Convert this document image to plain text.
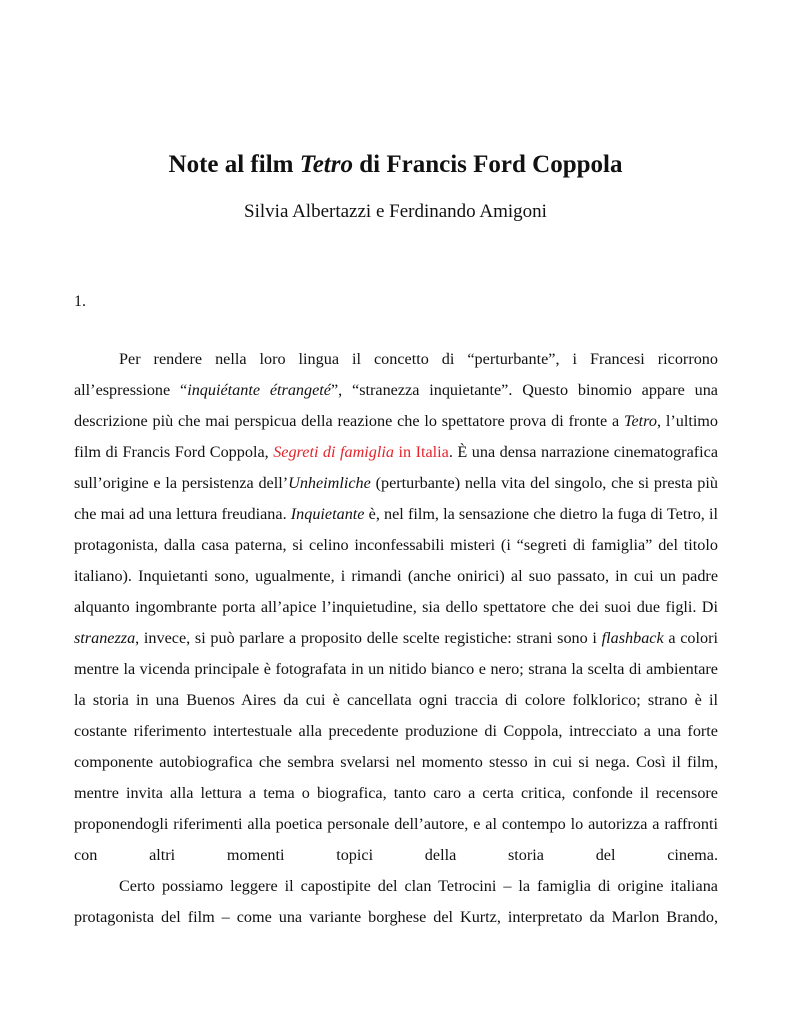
Note al film Tetro di Francis Ford Coppola
Silvia Albertazzi e Ferdinando Amigoni
1.

Per rendere nella loro lingua il concetto di “perturbante”, i Francesi ricorrono all’espressione “inquiétante étrangeté”, “stranezza inquietante”. Questo binomio appare una descrizione più che mai perspicua della reazione che lo spettatore prova di fronte a Tetro, l’ultimo film di Francis Ford Coppola, Segreti di famiglia in Italia. È una densa narrazione cinematografica sull’origine e la persistenza dell’Unheimliche (perturbante) nella vita del singolo, che si presta più che mai ad una lettura freudiana. Inquietante è, nel film, la sensazione che dietro la fuga di Tetro, il protagonista, dalla casa paterna, si celino inconfessabili misteri (i “segreti di famiglia” del titolo italiano). Inquietanti sono, ugualmente, i rimandi (anche onirici) al suo passato, in cui un padre alquanto ingombrante porta all’apice l’inquietudine, sia dello spettatore che dei suoi due figli. Di stranezza, invece, si può parlare a proposito delle scelte registiche: strani sono i flashback a colori mentre la vicenda principale è fotografata in un nitido bianco e nero; strana la scelta di ambientare la storia in una Buenos Aires da cui è cancellata ogni traccia di colore folklorico; strano è il costante riferimento intertestuale alla precedente produzione di Coppola, intrecciato a una forte componente autobiografica che sembra svelarsi nel momento stesso in cui si nega. Così il film, mentre invita alla lettura a tema o biografica, tanto caro a certa critica, confonde il recensore proponendogli riferimenti alla poetica personale dell’autore, e al contempo lo autorizza a raffronti con altri momenti topici della storia del cinema.

Certo possiamo leggere il capostipite del clan Tetrocini – la famiglia di origine italiana protagonista del film – come una variante borghese del Kurtz, interpretato da Marlon Brando,
